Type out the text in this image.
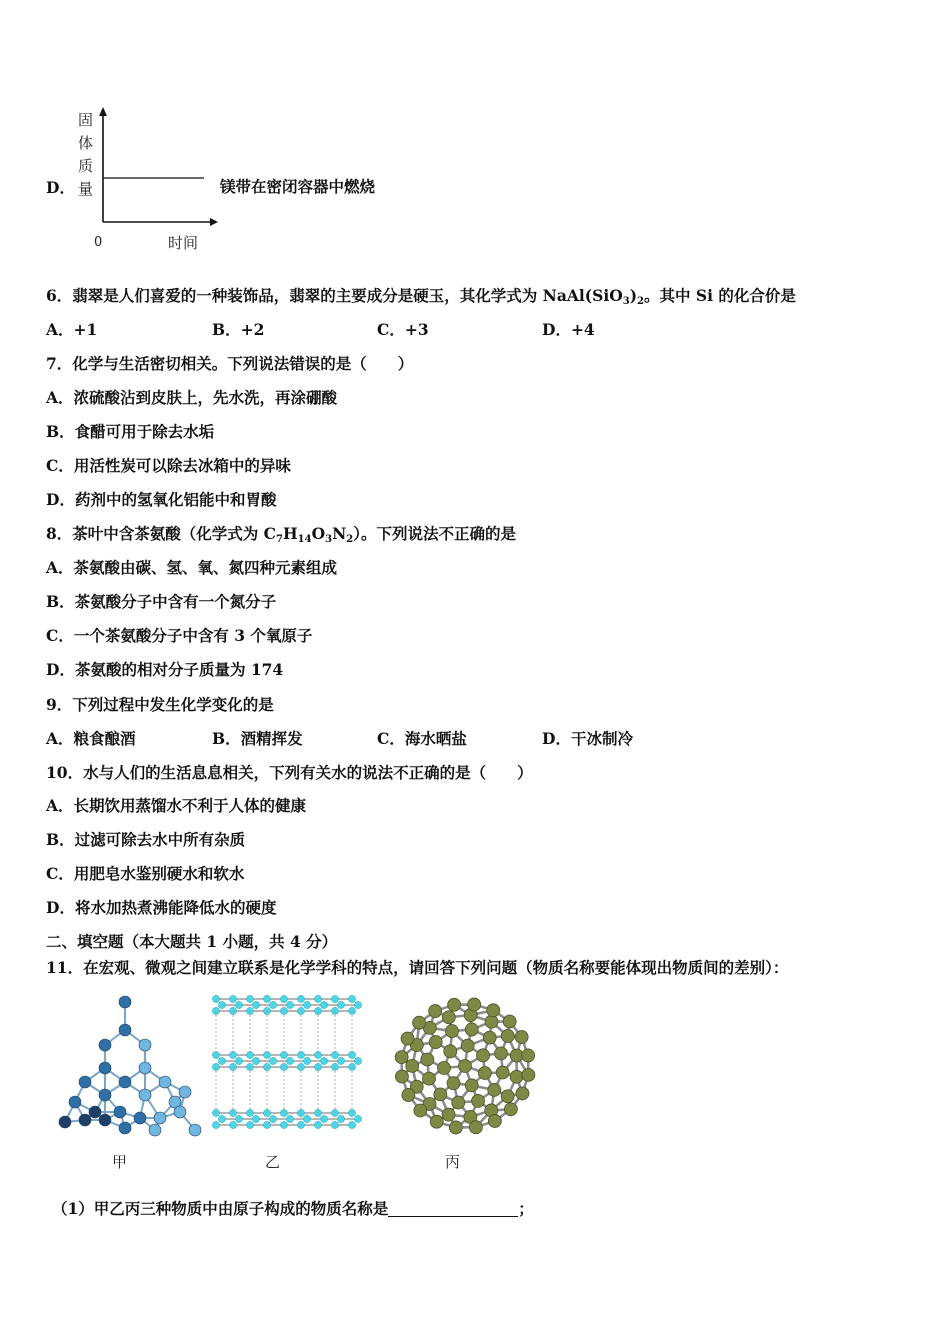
D．
固
体
质
量
0	时间
镁带在密闭容器中燃烧
6．翡翠是人们喜爱的一种装饰品，翡翠的主要成分是硬玉，其化学式为 $NaAl(SiO_3)_2$。其中 Si 的化合价是
A．+1	B．+2	C．+3	D．+4
7．化学与生活密切相关。下列说法错误的是（　　）
A．浓硫酸沾到皮肤上，先水洗，再涂硼酸
B．食醋可用于除去水垢
C．用活性炭可以除去冰箱中的异味
D．药剂中的氢氧化铝能中和胃酸
8．茶叶中含茶氨酸（化学式为 $C_7H_{14}O_3N_2$）。下列说法不正确的是
A．茶氨酸由碳、氢、氧、氮四种元素组成
B．茶氨酸分子中含有一个氮分子
C．一个茶氨酸分子中含有 3 个氧原子
D．茶氨酸的相对分子质量为 174
9．下列过程中发生化学变化的是
A．粮食酿酒	B．酒精挥发	C．海水晒盐	D．干冰制冷
10．水与人们的生活息息相关，下列有关水的说法不正确的是（　　）
A．长期饮用蒸馏水不利于人体的健康
B．过滤可除去水中所有杂质
C．用肥皂水鉴别硬水和软水
D．将水加热煮沸能降低水的硬度
二、填空题（本大题共 1 小题，共 4 分）
11．在宏观、微观之间建立联系是化学学科的特点，请回答下列问题（物质名称要能体现出物质间的差别）：
甲	乙	丙
（1）甲乙丙三种物质中由原子构成的物质名称是	；
